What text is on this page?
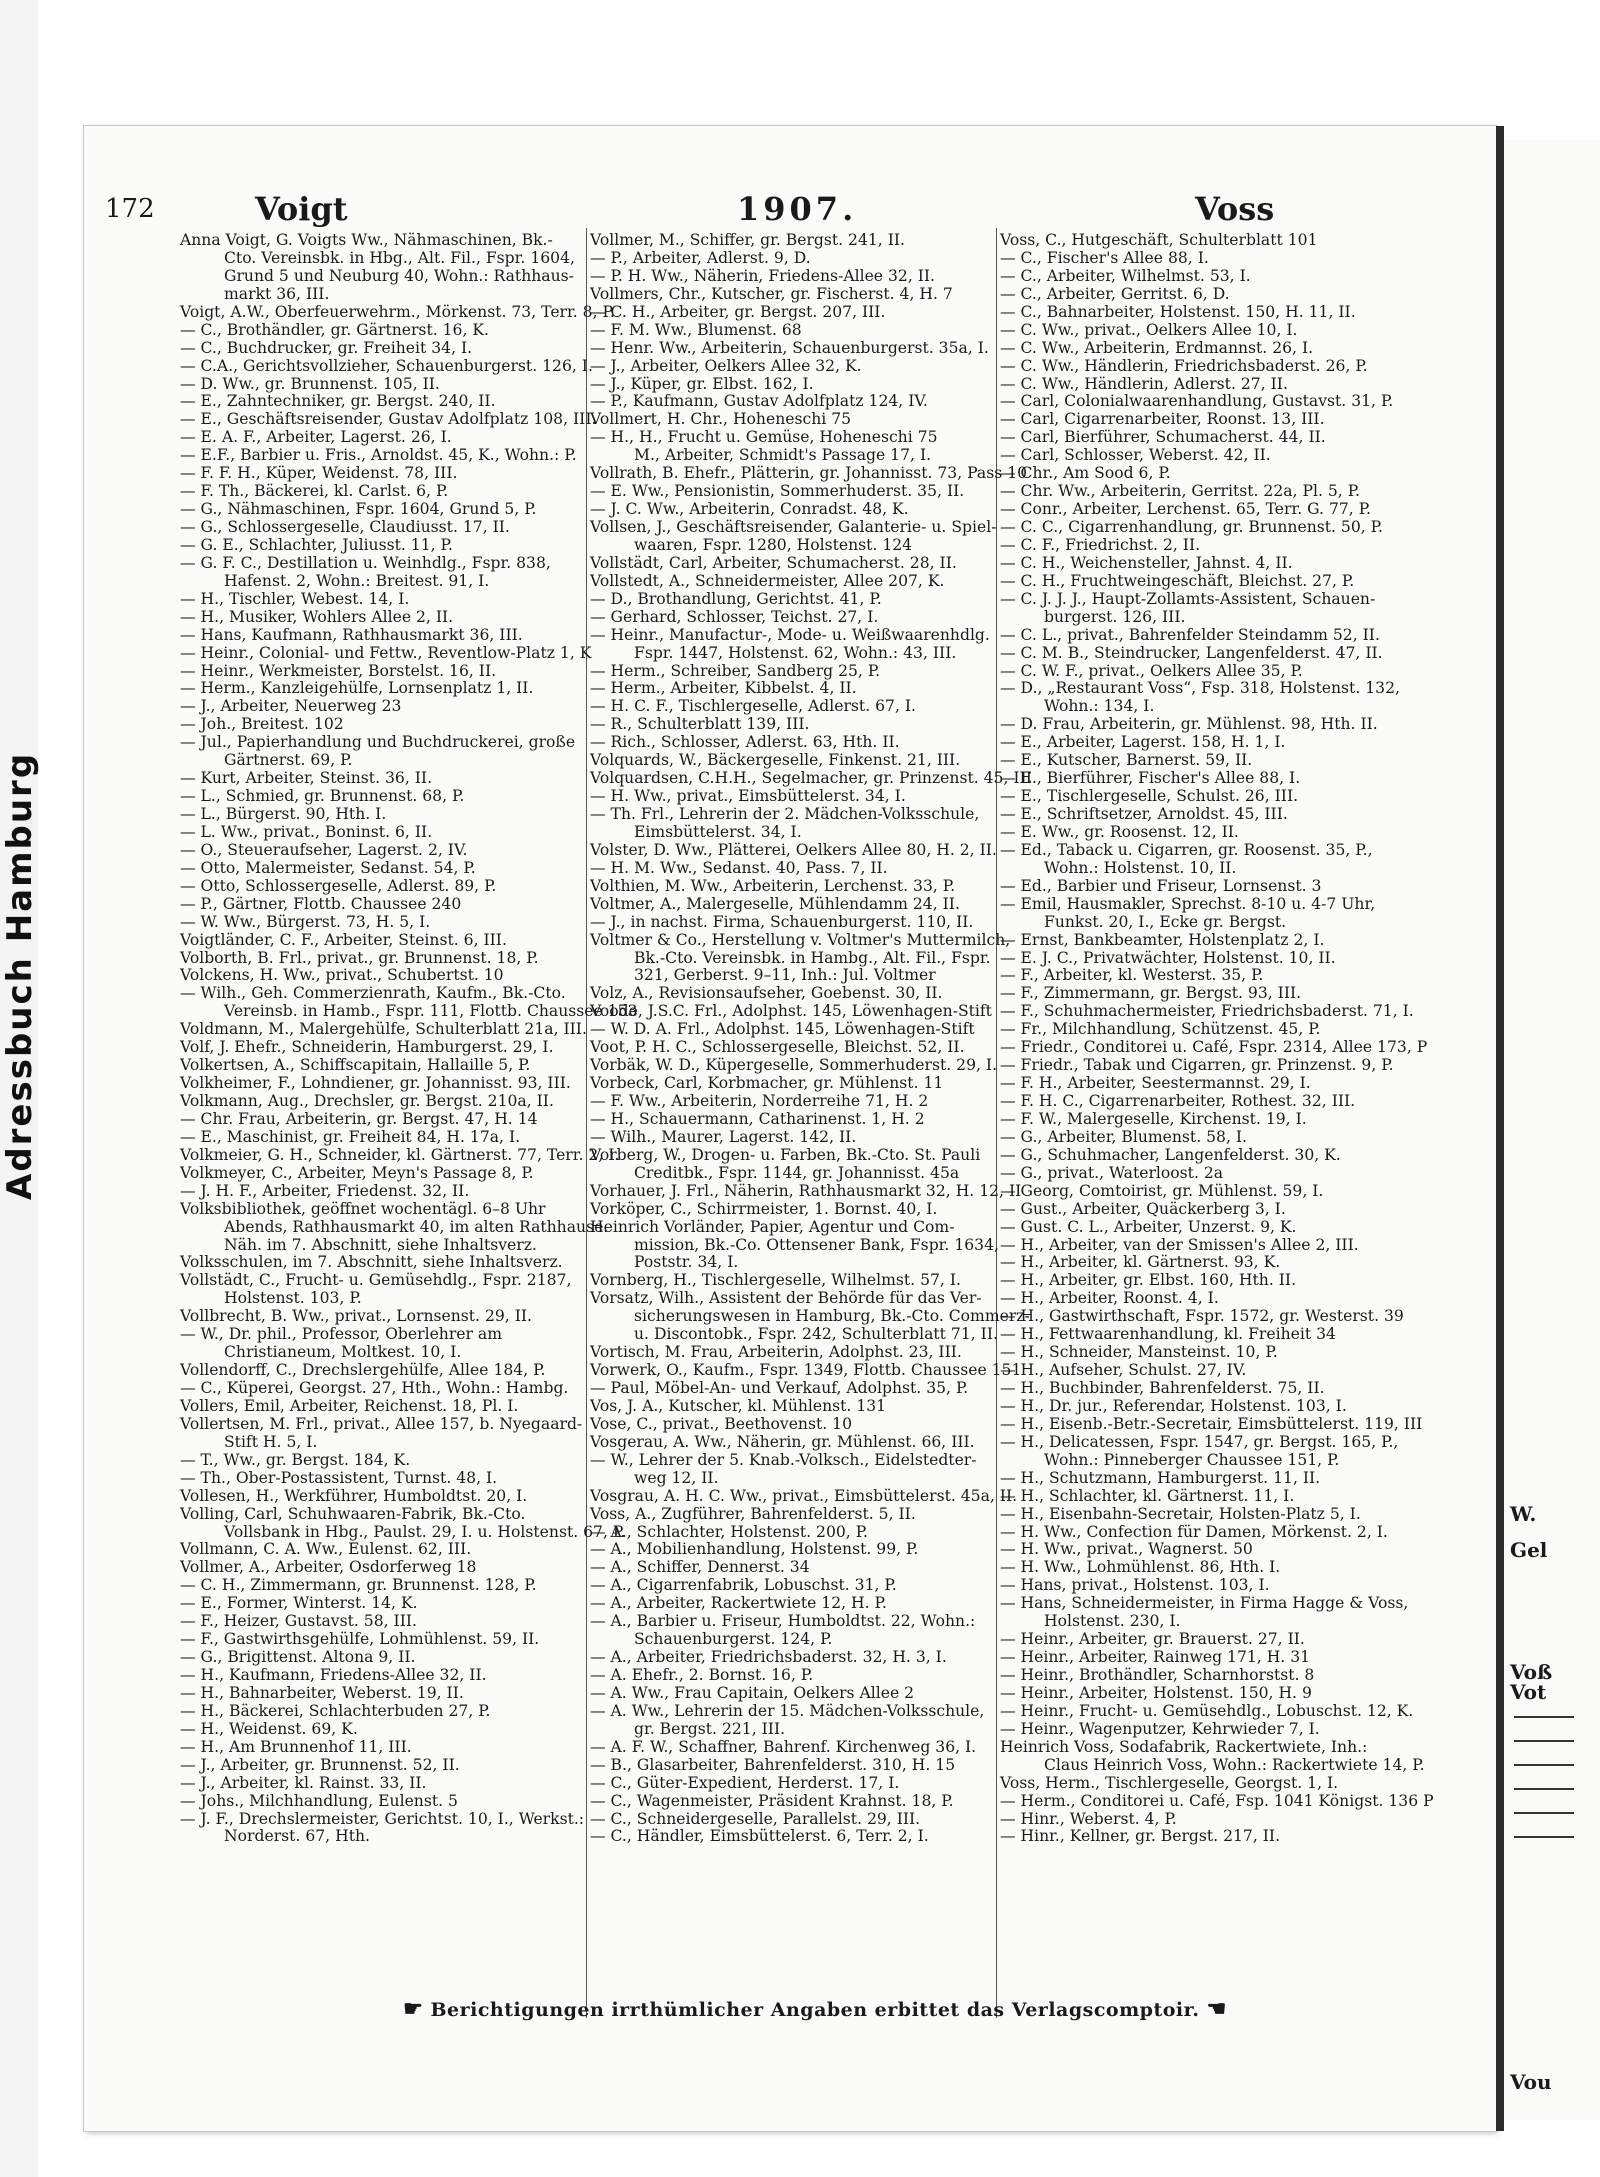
Adressbuch Hamburg
W.
Gel
Voß
Vot
Vou
172	Voigt	1907.	Voss
Anna Voigt, G. Voigts Ww., Nähmaschinen, Bk.-
Cto. Vereinsbk. in Hbg., Alt. Fil., Fspr. 1604,
Grund 5 und Neuburg 40, Wohn.: Rathhaus-
markt 36, III.
Voigt, A.W., Oberfeuerwehrm., Mörkenst. 73, Terr. 8, P.
— C., Brothändler, gr. Gärtnerst. 16, K.
— C., Buchdrucker, gr. Freiheit 34, I.
— C.A., Gerichtsvollzieher, Schauenburgerst. 126, I.
— D. Ww., gr. Brunnenst. 105, II.
— E., Zahntechniker, gr. Bergst. 240, II.
— E., Geschäftsreisender, Gustav Adolfplatz 108, III.
— E. A. F., Arbeiter, Lagerst. 26, I.
— E.F., Barbier u. Fris., Arnoldst. 45, K., Wohn.: P.
— F. F. H., Küper, Weidenst. 78, III.
— F. Th., Bäckerei, kl. Carlst. 6, P.
— G., Nähmaschinen, Fspr. 1604, Grund 5, P.
— G., Schlossergeselle, Claudiusst. 17, II.
— G. E., Schlachter, Juliusst. 11, P.
— G. F. C., Destillation u. Weinhdlg., Fspr. 838,
Hafenst. 2, Wohn.: Breitest. 91, I.
— H., Tischler, Webest. 14, I.
— H., Musiker, Wohlers Allee 2, II.
— Hans, Kaufmann, Rathhausmarkt 36, III.
— Heinr., Colonial- und Fettw., Reventlow-Platz 1, K
— Heinr., Werkmeister, Borstelst. 16, II.
— Herm., Kanzleigehülfe, Lornsenplatz 1, II.
— J., Arbeiter, Neuerweg 23
— Joh., Breitest. 102
— Jul., Papierhandlung und Buchdruckerei, große
Gärtnerst. 69, P.
— Kurt, Arbeiter, Steinst. 36, II.
— L., Schmied, gr. Brunnenst. 68, P.
— L., Bürgerst. 90, Hth. I.
— L. Ww., privat., Boninst. 6, II.
— O., Steueraufseher, Lagerst. 2, IV.
— Otto, Malermeister, Sedanst. 54, P.
— Otto, Schlossergeselle, Adlerst. 89, P.
— P., Gärtner, Flottb. Chaussee 240
— W. Ww., Bürgerst. 73, H. 5, I.
Voigtländer, C. F., Arbeiter, Steinst. 6, III.
Volborth, B. Frl., privat., gr. Brunnenst. 18, P.
Volckens, H. Ww., privat., Schubertst. 10
— Wilh., Geh. Commerzienrath, Kaufm., Bk.-Cto.
Vereinsb. in Hamb., Fspr. 111, Flottb. Chaussee 153
Voldmann, M., Malergehülfe, Schulterblatt 21a, III.
Volf, J. Ehefr., Schneiderin, Hamburgerst. 29, I.
Volkertsen, A., Schiffscapitain, Hallaille 5, P.
Volkheimer, F., Lohndiener, gr. Johannisst. 93, III.
Volkmann, Aug., Drechsler, gr. Bergst. 210a, II.
— Chr. Frau, Arbeiterin, gr. Bergst. 47, H. 14
— E., Maschinist, gr. Freiheit 84, H. 17a, I.
Volkmeier, G. H., Schneider, kl. Gärtnerst. 77, Terr. 2, I.
Volkmeyer, C., Arbeiter, Meyn's Passage 8, P.
— J. H. F., Arbeiter, Friedenst. 32, II.
Volksbibliothek, geöffnet wochentägl. 6–8 Uhr
Abends, Rathhausmarkt 40, im alten Rathhause.
Näh. im 7. Abschnitt, siehe Inhaltsverz.
Volksschulen, im 7. Abschnitt, siehe Inhaltsverz.
Vollstädt, C., Frucht- u. Gemüsehdlg., Fspr. 2187,
Holstenst. 103, P.
Vollbrecht, B. Ww., privat., Lornsenst. 29, II.
— W., Dr. phil., Professor, Oberlehrer am
Christianeum, Moltkest. 10, I.
Vollendorff, C., Drechslergehülfe, Allee 184, P.
— C., Küperei, Georgst. 27, Hth., Wohn.: Hambg.
Vollers, Emil, Arbeiter, Reichenst. 18, Pl. I.
Vollertsen, M. Frl., privat., Allee 157, b. Nyegaard-
Stift H. 5, I.
— T., Ww., gr. Bergst. 184, K.
— Th., Ober-Postassistent, Turnst. 48, I.
Vollesen, H., Werkführer, Humboldtst. 20, I.
Volling, Carl, Schuhwaaren-Fabrik, Bk.-Cto.
Vollsbank in Hbg., Paulst. 29, I. u. Holstenst. 67, P.
Vollmann, C. A. Ww., Eulenst. 62, III.
Vollmer, A., Arbeiter, Osdorferweg 18
— C. H., Zimmermann, gr. Brunnenst. 128, P.
— E., Former, Winterst. 14, K.
— F., Heizer, Gustavst. 58, III.
— F., Gastwirthsgehülfe, Lohmühlenst. 59, II.
— G., Brigittenst. Altona 9, II.
— H., Kaufmann, Friedens-Allee 32, II.
— H., Bahnarbeiter, Weberst. 19, II.
— H., Bäckerei, Schlachterbuden 27, P.
— H., Weidenst. 69, K.
— H., Am Brunnenhof 11, III.
— J., Arbeiter, gr. Brunnenst. 52, II.
— J., Arbeiter, kl. Rainst. 33, II.
— Johs., Milchhandlung, Eulenst. 5
— J. F., Drechslermeister, Gerichtst. 10, I., Werkst.:
Norderst. 67, Hth.
Vollmer, M., Schiffer, gr. Bergst. 241, II.
— P., Arbeiter, Adlerst. 9, D.
— P. H. Ww., Näherin, Friedens-Allee 32, II.
Vollmers, Chr., Kutscher, gr. Fischerst. 4, H. 7
— C. H., Arbeiter, gr. Bergst. 207, III.
— F. M. Ww., Blumenst. 68
— Henr. Ww., Arbeiterin, Schauenburgerst. 35a, I.
— J., Arbeiter, Oelkers Allee 32, K.
— J., Küper, gr. Elbst. 162, I.
— P., Kaufmann, Gustav Adolfplatz 124, IV.
Vollmert, H. Chr., Hoheneschi 75
— H., H., Frucht u. Gemüse, Hoheneschi 75
M., Arbeiter, Schmidt's Passage 17, I.
Vollrath, B. Ehefr., Plätterin, gr. Johannisst. 73, Pass 10
— E. Ww., Pensionistin, Sommerhuderst. 35, II.
— J. C. Ww., Arbeiterin, Conradst. 48, K.
Vollsen, J., Geschäftsreisender, Galanterie- u. Spiel-
waaren, Fspr. 1280, Holstenst. 124
Vollstädt, Carl, Arbeiter, Schumacherst. 28, II.
Vollstedt, A., Schneidermeister, Allee 207, K.
— D., Brothandlung, Gerichtst. 41, P.
— Gerhard, Schlosser, Teichst. 27, I.
— Heinr., Manufactur-, Mode- u. Weißwaarenhdlg.
Fspr. 1447, Holstenst. 62, Wohn.: 43, III.
— Herm., Schreiber, Sandberg 25, P.
— Herm., Arbeiter, Kibbelst. 4, II.
— H. C. F., Tischlergeselle, Adlerst. 67, I.
— R., Schulterblatt 139, III.
— Rich., Schlosser, Adlerst. 63, Hth. II.
Volquards, W., Bäckergeselle, Finkenst. 21, III.
Volquardsen, C.H.H., Segelmacher, gr. Prinzenst. 45, III
— H. Ww., privat., Eimsbüttelerst. 34, I.
— Th. Frl., Lehrerin der 2. Mädchen-Volksschule,
Eimsbüttelerst. 34, I.
Volster, D. Ww., Plätterei, Oelkers Allee 80, H. 2, II.
— H. M. Ww., Sedanst. 40, Pass. 7, II.
Volthien, M. Ww., Arbeiterin, Lerchenst. 33, P.
Voltmer, A., Malergeselle, Mühlendamm 24, II.
— J., in nachst. Firma, Schauenburgerst. 110, II.
Voltmer & Co., Herstellung v. Voltmer's Muttermilch,
Bk.-Cto. Vereinsbk. in Hambg., Alt. Fil., Fspr.
321, Gerberst. 9–11, Inh.: Jul. Voltmer
Volz, A., Revisionsaufseher, Goebenst. 30, II.
Voode, J.S.C. Frl., Adolphst. 145, Löwenhagen-Stift
— W. D. A. Frl., Adolphst. 145, Löwenhagen-Stift
Voot, P. H. C., Schlossergeselle, Bleichst. 52, II.
Vorbäk, W. D., Küpergeselle, Sommerhuderst. 29, I.
Vorbeck, Carl, Korbmacher, gr. Mühlenst. 11
— F. Ww., Arbeiterin, Norderreihe 71, H. 2
— H., Schauermann, Catharinenst. 1, H. 2
— Wilh., Maurer, Lagerst. 142, II.
Vorberg, W., Drogen- u. Farben, Bk.-Cto. St. Pauli
Creditbk., Fspr. 1144, gr. Johannisst. 45a
Vorhauer, J. Frl., Näherin, Rathhausmarkt 32, H. 12, II
Vorköper, C., Schirrmeister, 1. Bornst. 40, I.
Heinrich Vorländer, Papier, Agentur und Com-
mission, Bk.-Co. Ottensener Bank, Fspr. 1634,
Poststr. 34, I.
Vornberg, H., Tischlergeselle, Wilhelmst. 57, I.
Vorsatz, Wilh., Assistent der Behörde für das Ver-
sicherungswesen in Hamburg, Bk.-Cto. Commerz-
u. Discontobk., Fspr. 242, Schulterblatt 71, II.
Vortisch, M. Frau, Arbeiterin, Adolphst. 23, III.
Vorwerk, O., Kaufm., Fspr. 1349, Flottb. Chaussee 151
— Paul, Möbel-An- und Verkauf, Adolphst. 35, P.
Vos, J. A., Kutscher, kl. Mühlenst. 131
Vose, C., privat., Beethovenst. 10
Vosgerau, A. Ww., Näherin, gr. Mühlenst. 66, III.
— W., Lehrer der 5. Knab.-Volksch., Eidelstedter-
weg 12, II.
Vosgrau, A. H. C. Ww., privat., Eimsbüttelerst. 45a, II.
Voss, A., Zugführer, Bahrenfelderst. 5, II.
— A., Schlachter, Holstenst. 200, P.
— A., Mobilienhandlung, Holstenst. 99, P.
— A., Schiffer, Dennerst. 34
— A., Cigarrenfabrik, Lobuschst. 31, P.
— A., Arbeiter, Rackertwiete 12, H. P.
— A., Barbier u. Friseur, Humboldtst. 22, Wohn.:
Schauenburgerst. 124, P.
— A., Arbeiter, Friedrichsbaderst. 32, H. 3, I.
— A. Ehefr., 2. Bornst. 16, P.
— A. Ww., Frau Capitain, Oelkers Allee 2
— A. Ww., Lehrerin der 15. Mädchen-Volksschule,
gr. Bergst. 221, III.
— A. F. W., Schaffner, Bahrenf. Kirchenweg 36, I.
— B., Glasarbeiter, Bahrenfelderst. 310, H. 15
— C., Güter-Expedient, Herderst. 17, I.
— C., Wagenmeister, Präsident Krahnst. 18, P.
— C., Schneidergeselle, Parallelst. 29, III.
— C., Händler, Eimsbüttelerst. 6, Terr. 2, I.
Voss, C., Hutgeschäft, Schulterblatt 101
— C., Fischer's Allee 88, I.
— C., Arbeiter, Wilhelmst. 53, I.
— C., Arbeiter, Gerritst. 6, D.
— C., Bahnarbeiter, Holstenst. 150, H. 11, II.
— C. Ww., privat., Oelkers Allee 10, I.
— C. Ww., Arbeiterin, Erdmannst. 26, I.
— C. Ww., Händlerin, Friedrichsbaderst. 26, P.
— C. Ww., Händlerin, Adlerst. 27, II.
— Carl, Colonialwaarenhandlung, Gustavst. 31, P.
— Carl, Cigarrenarbeiter, Roonst. 13, III.
— Carl, Bierführer, Schumacherst. 44, II.
— Carl, Schlosser, Weberst. 42, II.
— Chr., Am Sood 6, P.
— Chr. Ww., Arbeiterin, Gerritst. 22a, Pl. 5, P.
— Conr., Arbeiter, Lerchenst. 65, Terr. G. 77, P.
— C. C., Cigarrenhandlung, gr. Brunnenst. 50, P.
— C. F., Friedrichst. 2, II.
— C. H., Weichensteller, Jahnst. 4, II.
— C. H., Fruchtweingeschäft, Bleichst. 27, P.
— C. J. J. J., Haupt-Zollamts-Assistent, Schauen-
burgerst. 126, III.
— C. L., privat., Bahrenfelder Steindamm 52, II.
— C. M. B., Steindrucker, Langenfelderst. 47, II.
— C. W. F., privat., Oelkers Allee 35, P.
— D., „Restaurant Voss“, Fsp. 318, Holstenst. 132,
Wohn.: 134, I.
— D. Frau, Arbeiterin, gr. Mühlenst. 98, Hth. II.
— E., Arbeiter, Lagerst. 158, H. 1, I.
— E., Kutscher, Barnerst. 59, II.
— E., Bierführer, Fischer's Allee 88, I.
— E., Tischlergeselle, Schulst. 26, III.
— E., Schriftsetzer, Arnoldst. 45, III.
— E. Ww., gr. Roosenst. 12, II.
— Ed., Taback u. Cigarren, gr. Roosenst. 35, P.,
Wohn.: Holstenst. 10, II.
— Ed., Barbier und Friseur, Lornsenst. 3
— Emil, Hausmakler, Sprechst. 8-10 u. 4-7 Uhr,
Funkst. 20, I., Ecke gr. Bergst.
— Ernst, Bankbeamter, Holstenplatz 2, I.
— E. J. C., Privatwächter, Holstenst. 10, II.
— F., Arbeiter, kl. Westerst. 35, P.
— F., Zimmermann, gr. Bergst. 93, III.
— F., Schuhmachermeister, Friedrichsbaderst. 71, I.
— Fr., Milchhandlung, Schützenst. 45, P.
— Friedr., Conditorei u. Café, Fspr. 2314, Allee 173, P
— Friedr., Tabak und Cigarren, gr. Prinzenst. 9, P.
— F. H., Arbeiter, Seestermannst. 29, I.
— F. H. C., Cigarrenarbeiter, Rothest. 32, III.
— F. W., Malergeselle, Kirchenst. 19, I.
— G., Arbeiter, Blumenst. 58, I.
— G., Schuhmacher, Langenfelderst. 30, K.
— G., privat., Waterloost. 2a
— Georg, Comtoirist, gr. Mühlenst. 59, I.
— Gust., Arbeiter, Quäckerberg 3, I.
— Gust. C. L., Arbeiter, Unzerst. 9, K.
— H., Arbeiter, van der Smissen's Allee 2, III.
— H., Arbeiter, kl. Gärtnerst. 93, K.
— H., Arbeiter, gr. Elbst. 160, Hth. II.
— H., Arbeiter, Roonst. 4, I.
— H., Gastwirthschaft, Fspr. 1572, gr. Westerst. 39
— H., Fettwaarenhandlung, kl. Freiheit 34
— H., Schneider, Mansteinst. 10, P.
— H., Aufseher, Schulst. 27, IV.
— H., Buchbinder, Bahrenfelderst. 75, II.
— H., Dr. jur., Referendar, Holstenst. 103, I.
— H., Eisenb.-Betr.-Secretair, Eimsbüttelerst. 119, III
— H., Delicatessen, Fspr. 1547, gr. Bergst. 165, P.,
Wohn.: Pinneberger Chaussee 151, P.
— H., Schutzmann, Hamburgerst. 11, II.
— H., Schlachter, kl. Gärtnerst. 11, I.
— H., Eisenbahn-Secretair, Holsten-Platz 5, I.
— H. Ww., Confection für Damen, Mörkenst. 2, I.
— H. Ww., privat., Wagnerst. 50
— H. Ww., Lohmühlenst. 86, Hth. I.
— Hans, privat., Holstenst. 103, I.
— Hans, Schneidermeister, in Firma Hagge & Voss,
Holstenst. 230, I.
— Heinr., Arbeiter, gr. Brauerst. 27, II.
— Heinr., Arbeiter, Rainweg 171, H. 31
— Heinr., Brothändler, Scharnhorstst. 8
— Heinr., Arbeiter, Holstenst. 150, H. 9
— Heinr., Frucht- u. Gemüsehdlg., Lobuschst. 12, K.
— Heinr., Wagenputzer, Kehrwieder 7, I.
Heinrich Voss, Sodafabrik, Rackertwiete, Inh.:
Claus Heinrich Voss, Wohn.: Rackertwiete 14, P.
Voss, Herm., Tischlergeselle, Georgst. 1, I.
— Herm., Conditorei u. Café, Fsp. 1041 Königst. 136 P
— Hinr., Weberst. 4, P.
— Hinr., Kellner, gr. Bergst. 217, II.
☛ Berichtigungen irrthümlicher Angaben erbittet das Verlagscomptoir. ☚
